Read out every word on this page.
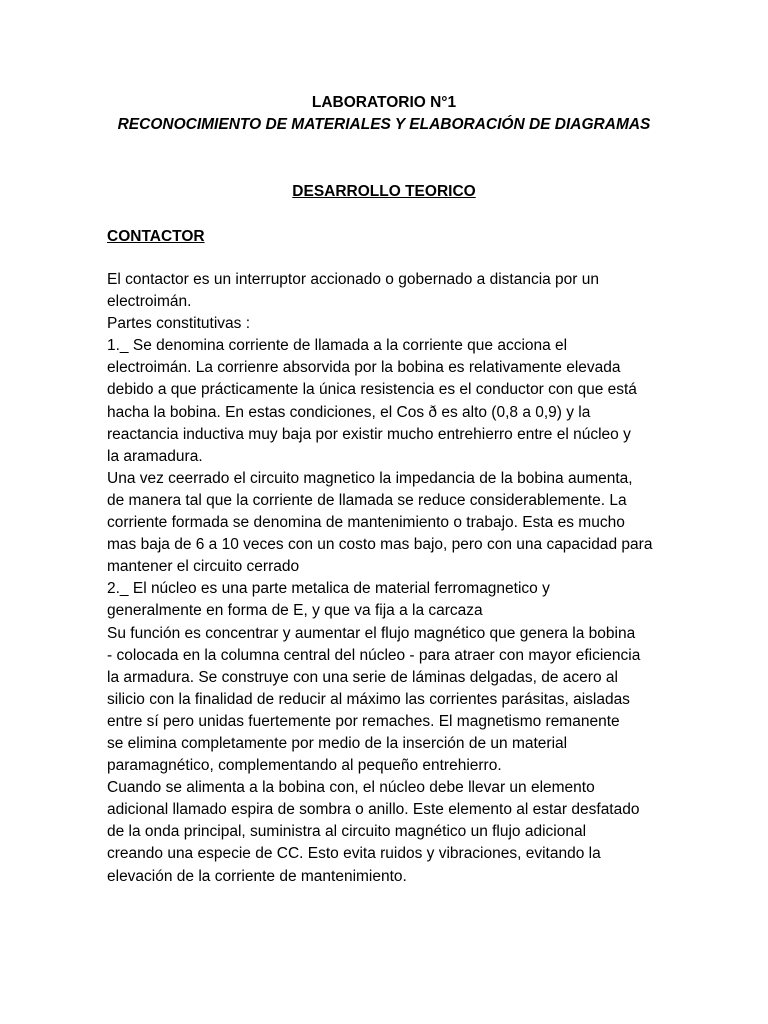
LABORATORIO N°1
RECONOCIMIENTO DE MATERIALES Y ELABORACIÓN DE DIAGRAMAS
DESARROLLO TEORICO
CONTACTOR
El contactor es un interruptor accionado o gobernado a distancia por un
electroimán.
Partes constitutivas :
1._ Se denomina corriente de llamada a la corriente que acciona el
electroimán. La corrienre absorvida por la bobina es relativamente elevada
debido a que prácticamente la única resistencia es el conductor con que está
hacha la bobina. En estas condiciones, el Cos ð es alto (0,8 a 0,9) y la
reactancia inductiva muy baja por existir mucho entrehierro entre el núcleo y
la aramadura.
Una vez ceerrado el circuito magnetico la impedancia de la bobina aumenta,
de manera tal que la corriente de llamada se reduce considerablemente. La
corriente formada se denomina de mantenimiento o trabajo. Esta es mucho
mas baja de 6 a 10 veces con un costo mas bajo, pero con una capacidad para
mantener el circuito cerrado
2._ El núcleo es una parte metalica de material ferromagnetico y
generalmente en forma de E, y que va fija a la carcaza
Su función es concentrar y aumentar el flujo magnético que genera la bobina
- colocada en la columna central del núcleo - para atraer con mayor eficiencia
la armadura. Se construye con una serie de láminas delgadas, de acero al
silicio con la finalidad de reducir al máximo las corrientes parásitas, aisladas
entre sí pero unidas fuertemente por remaches. El magnetismo remanente
se elimina completamente por medio de la inserción de un material
paramagnético, complementando al pequeño entrehierro.
Cuando se alimenta a la bobina con, el núcleo debe llevar un elemento
adicional llamado espira de sombra o anillo. Este elemento al estar desfatado
de la onda principal, suministra al circuito magnético un flujo adicional
creando una especie de CC. Esto evita ruidos y vibraciones, evitando la
elevación de la corriente de mantenimiento.
